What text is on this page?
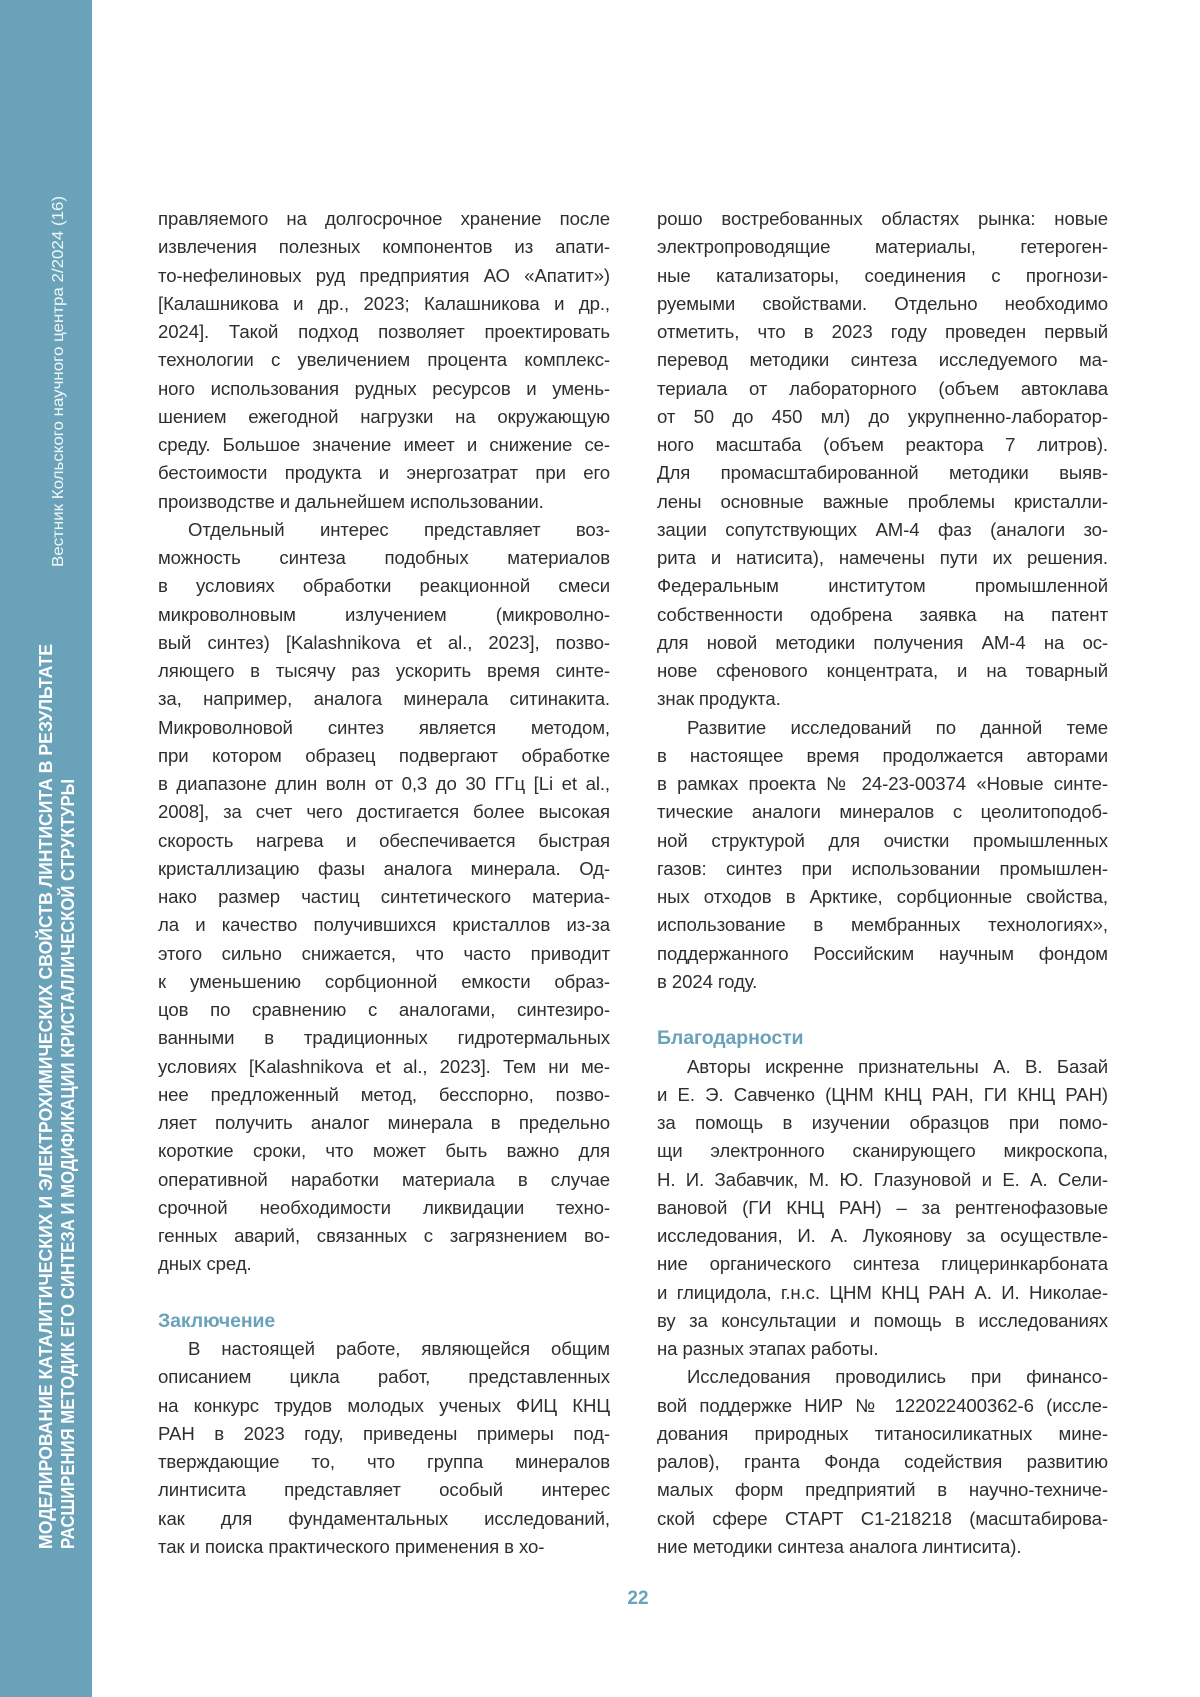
Вестник Кольского научного центра 2/2024 (16)
МОДЕЛИРОВАНИЕ КАТАЛИТИЧЕСКИХ И ЭЛЕКТРОХИМИЧЕСКИХ СВОЙСТВ ЛИНТИСИТА В РЕЗУЛЬТАТЕ РАСШИРЕНИЯ МЕТОДИК ЕГО СИНТЕЗА И МОДИФИКАЦИИ КРИСТАЛЛИЧЕСКОЙ СТРУКТУРЫ
правляемого на долгосрочное хранение после
извлечения полезных компонентов из апати-
то-нефелиновых руд предприятия АО «Апатит»)
[Калашникова и др., 2023; Калашникова и др.,
2024]. Такой подход позволяет проектировать
технологии с увеличением процента комплекс-
ного использования рудных ресурсов и умень-
шением ежегодной нагрузки на окружающую
среду. Большое значение имеет и снижение се-
бестоимости продукта и энергозатрат при его
производстве и дальнейшем использовании.
Отдельный интерес представляет воз-
можность синтеза подобных материалов
в условиях обработки реакционной смеси
микроволновым излучением (микроволно-
вый синтез) [Kalashnikova et al., 2023], позво-
ляющего в тысячу раз ускорить время синте-
за, например, аналога минерала ситинакита.
Микроволновой синтез является методом,
при котором образец подвергают обработке
в диапазоне длин волн от 0,3 до 30 ГГц [Li et al.,
2008], за счет чего достигается более высокая
скорость нагрева и обеспечивается быстрая
кристаллизацию фазы аналога минерала. Од-
нако размер частиц синтетического материа-
ла и качество получившихся кристаллов из-за
этого сильно снижается, что часто приводит
к уменьшению сорбционной емкости образ-
цов по сравнению с аналогами, синтезиро-
ванными в традиционных гидротермальных
условиях [Kalashnikova et al., 2023]. Тем ни ме-
нее предложенный метод, бесспорно, позво-
ляет получить аналог минерала в предельно
короткие сроки, что может быть важно для
оперативной наработки материала в случае
срочной необходимости ликвидации техно-
генных аварий, связанных с загрязнением во-
дных сред.
Заключение
В настоящей работе, являющейся общим
описанием цикла работ, представленных
на конкурс трудов молодых ученых ФИЦ КНЦ
РАН в 2023 году, приведены примеры под-
тверждающие то, что группа минералов
линтисита представляет особый интерес
как для фундаментальных исследований,
так и поиска практического применения в хо-
рошо востребованных областях рынка: новые
электропроводящие материалы, гетероген-
ные катализаторы, соединения с прогнози-
руемыми свойствами. Отдельно необходимо
отметить, что в 2023 году проведен первый
перевод методики синтеза исследуемого ма-
териала от лабораторного (объем автоклава
от 50 до 450 мл) до укрупненно-лаборатор-
ного масштаба (объем реактора 7 литров).
Для промасштабированной методики выяв-
лены основные важные проблемы кристалли-
зации сопутствующих АМ-4 фаз (аналоги зо-
рита и натисита), намечены пути их решения.
Федеральным институтом промышленной
собственности одобрена заявка на патент
для новой методики получения АМ-4 на ос-
нове сфенового концентрата, и на товарный
знак продукта.
Развитие исследований по данной теме
в настоящее время продолжается авторами
в рамках проекта № 24-23-00374 «Новые синте-
тические аналоги минералов с цеолитоподоб-
ной структурой для очистки промышленных
газов: синтез при использовании промышлен-
ных отходов в Арктике, сорбционные свойства,
использование в мембранных технологиях»,
поддержанного Российским научным фондом
в 2024 году.
Благодарности
Авторы искренне признательны А. В. Базай
и Е. Э. Савченко (ЦНМ КНЦ РАН, ГИ КНЦ РАН)
за помощь в изучении образцов при помо-
щи электронного сканирующего микроскопа,
Н. И. Забавчик, М. Ю. Глазуновой и Е. А. Сели-
вановой (ГИ КНЦ РАН) – за рентгенофазовые
исследования, И. А. Лукоянову за осуществле-
ние органического синтеза глицеринкарбоната
и глицидола, г.н.с. ЦНМ КНЦ РАН А. И. Николае-
ву за консультации и помощь в исследованиях
на разных этапах работы.
Исследования проводились при финансо-
вой поддержке НИР № 122022400362-6 (иссле-
дования природных титаносиликатных мине-
ралов), гранта Фонда содействия развитию
малых форм предприятий в научно-техниче-
ской сфере СТАРТ С1-218218 (масштабирова-
ние методики синтеза аналога линтисита).
22
